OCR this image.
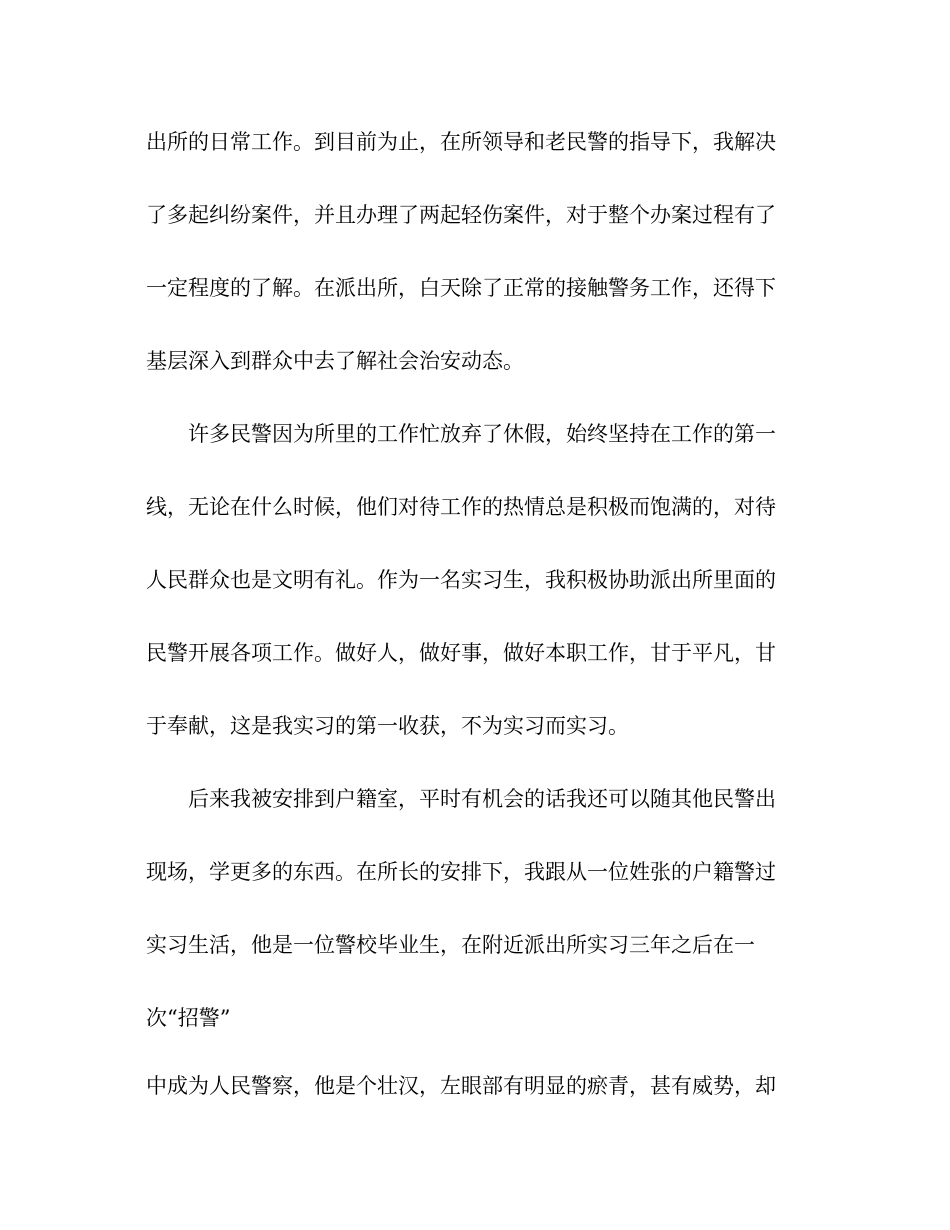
出所的日常工作。到目前为止，在所领导和老民警的指导下，我解决
了多起纠纷案件，并且办理了两起轻伤案件，对于整个办案过程有了
一定程度的了解。在派出所，白天除了正常的接触警务工作，还得下
基层深入到群众中去了解社会治安动态。
许多民警因为所里的工作忙放弃了休假，始终坚持在工作的第一
线，无论在什么时候，他们对待工作的热情总是积极而饱满的，对待
人民群众也是文明有礼。作为一名实习生，我积极协助派出所里面的
民警开展各项工作。做好人，做好事，做好本职工作，甘于平凡，甘
于奉献，这是我实习的第一收获，不为实习而实习。
后来我被安排到户籍室，平时有机会的话我还可以随其他民警出
现场，学更多的东西。在所长的安排下，我跟从一位姓张的户籍警过
实习生活，他是一位警校毕业生，在附近派出所实习三年之后在一
次“招警”
中成为人民警察，他是个壮汉，左眼部有明显的瘀青，甚有威势，却
